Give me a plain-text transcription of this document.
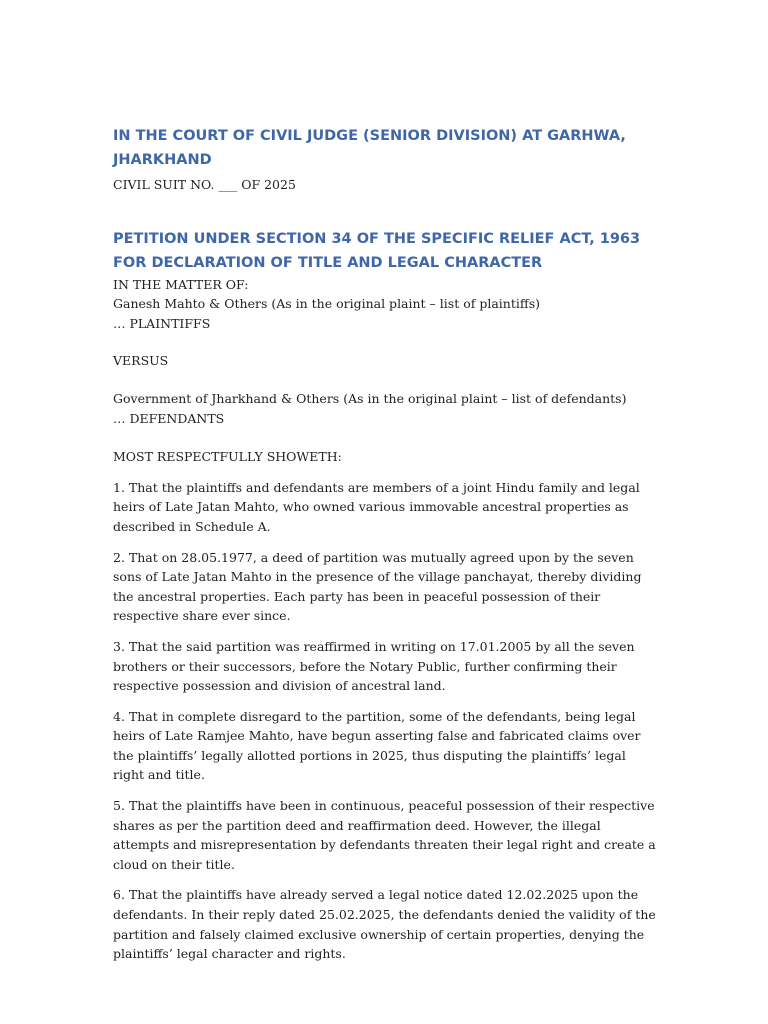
IN THE COURT OF CIVIL JUDGE (SENIOR DIVISION) AT GARHWA, JHARKHAND

CIVIL SUIT NO. ___ OF 2025

PETITION UNDER SECTION 34 OF THE SPECIFIC RELIEF ACT, 1963 FOR DECLARATION OF TITLE AND LEGAL CHARACTER

IN THE MATTER OF:

Ganesh Mahto & Others (As in the original plaint – list of plaintiffs)

… PLAINTIFFS

VERSUS

Government of Jharkhand & Others (As in the original plaint – list of defendants)

… DEFENDANTS

MOST RESPECTFULLY SHOWETH:

1. That the plaintiffs and defendants are members of a joint Hindu family and legal heirs of Late Jatan Mahto, who owned various immovable ancestral properties as described in Schedule A.

2. That on 28.05.1977, a deed of partition was mutually agreed upon by the seven sons of Late Jatan Mahto in the presence of the village panchayat, thereby dividing the ancestral properties. Each party has been in peaceful possession of their respective share ever since.

3. That the said partition was reaffirmed in writing on 17.01.2005 by all the seven brothers or their successors, before the Notary Public, further confirming their respective possession and division of ancestral land.

4. That in complete disregard to the partition, some of the defendants, being legal heirs of Late Ramjee Mahto, have begun asserting false and fabricated claims over the plaintiffs’ legally allotted portions in 2025, thus disputing the plaintiffs’ legal right and title.

5. That the plaintiffs have been in continuous, peaceful possession of their respective shares as per the partition deed and reaffirmation deed. However, the illegal attempts and misrepresentation by defendants threaten their legal right and create a cloud on their title.

6. That the plaintiffs have already served a legal notice dated 12.02.2025 upon the defendants. In their reply dated 25.02.2025, the defendants denied the validity of the partition and falsely claimed exclusive ownership of certain properties, denying the plaintiffs’ legal character and rights.
